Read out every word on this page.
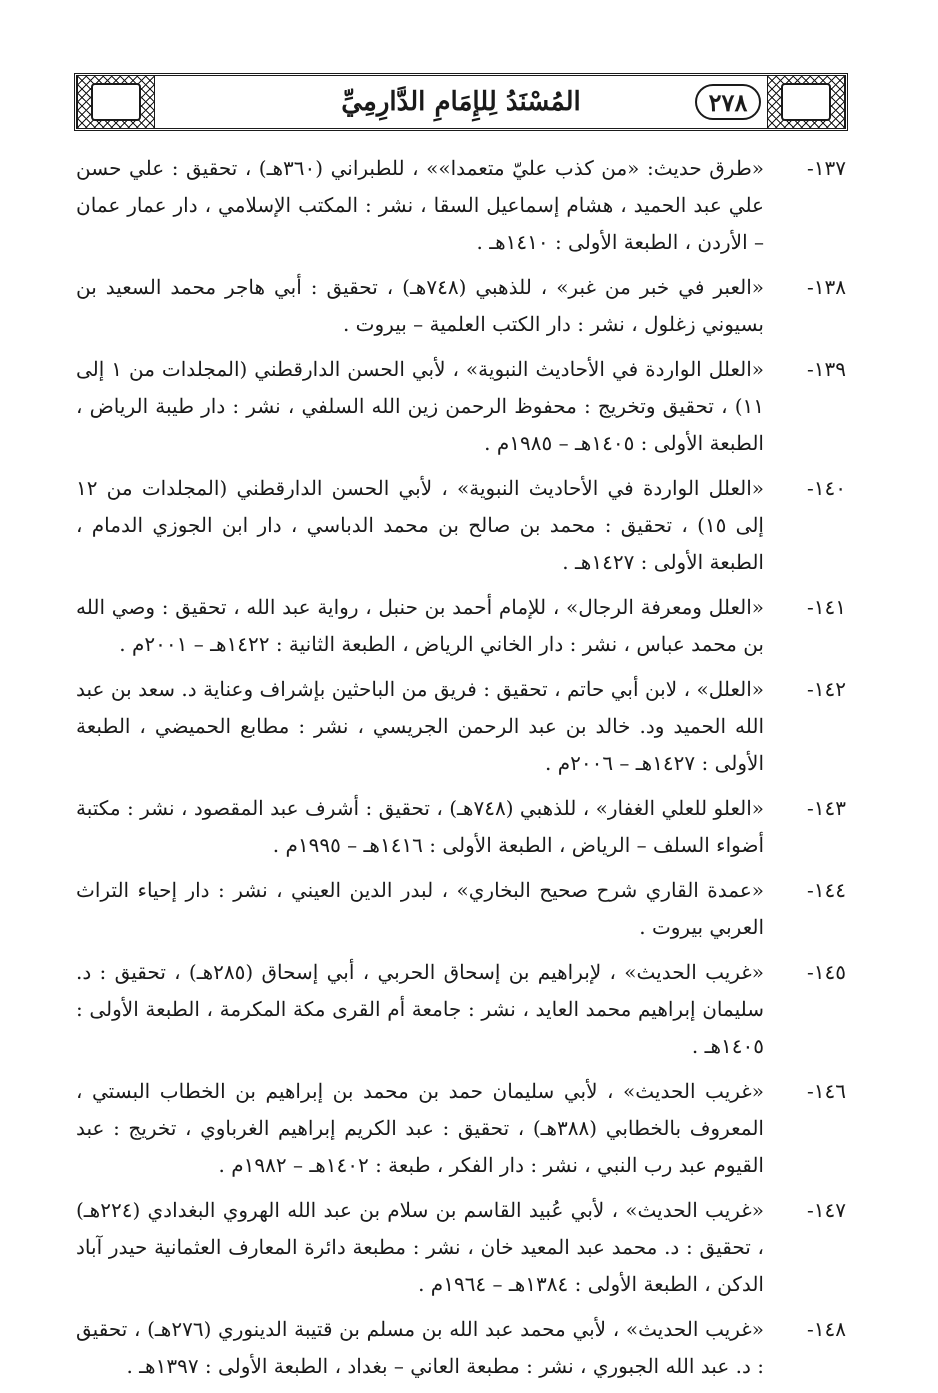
المُسْنَدُ لِلإِمَامِ الدَّارِمِيِّ	٢٧٨
١٣٧-
«طرق حديث: «من كذب عليّ متعمدا»» ، للطبراني (٣٦٠هـ) ، تحقيق : علي حسن علي عبد الحميد ، هشام إسماعيل السقا ، نشر : المكتب الإسلامي ، دار عمار عمان – الأردن ، الطبعة الأولى : ١٤١٠هـ .
١٣٨-
«العبر في خبر من غبر» ، للذهبي (٧٤٨هـ) ، تحقيق : أبي هاجر محمد السعيد بن بسيوني زغلول ، نشر : دار الكتب العلمية – بيروت .
١٣٩-
«العلل الواردة في الأحاديث النبوية» ، لأبي الحسن الدارقطني (المجلدات من ١ إلى ١١) ، تحقيق وتخريج : محفوظ الرحمن زين الله السلفي ، نشر : دار طيبة الرياض ، الطبعة الأولى : ١٤٠٥هـ – ١٩٨٥م .
١٤٠-
«العلل الواردة في الأحاديث النبوية» ، لأبي الحسن الدارقطني (المجلدات من ١٢ إلى ١٥) ، تحقيق : محمد بن صالح بن محمد الدباسي ، دار ابن الجوزي الدمام ، الطبعة الأولى : ١٤٢٧هـ .
١٤١-
«العلل ومعرفة الرجال» ، للإمام أحمد بن حنبل ، رواية عبد الله ، تحقيق : وصي الله بن محمد عباس ، نشر : دار الخاني الرياض ، الطبعة الثانية : ١٤٢٢هـ – ٢٠٠١م .
١٤٢-
«العلل» ، لابن أبي حاتم ، تحقيق : فريق من الباحثين بإشراف وعناية د. سعد بن عبد الله الحميد ود. خالد بن عبد الرحمن الجريسي ، نشر : مطابع الحميضي ، الطبعة الأولى : ١٤٢٧هـ – ٢٠٠٦م .
١٤٣-
«العلو للعلي الغفار» ، للذهبي (٧٤٨هـ) ، تحقيق : أشرف عبد المقصود ، نشر : مكتبة أضواء السلف – الرياض ، الطبعة الأولى : ١٤١٦هـ – ١٩٩٥م .
١٤٤-
«عمدة القاري شرح صحيح البخاري» ، لبدر الدين العيني ، نشر : دار إحياء التراث العربي بيروت .
١٤٥-
«غريب الحديث» ، لإبراهيم بن إسحاق الحربي ، أبي إسحاق (٢٨٥هـ) ، تحقيق : د. سليمان إبراهيم محمد العايد ، نشر : جامعة أم القرى مكة المكرمة ، الطبعة الأولى : ١٤٠٥هـ .
١٤٦-
«غريب الحديث» ، لأبي سليمان حمد بن محمد بن إبراهيم بن الخطاب البستي ، المعروف بالخطابي (٣٨٨هـ) ، تحقيق : عبد الكريم إبراهيم الغرباوي ، تخريج : عبد القيوم عبد رب النبي ، نشر : دار الفكر ، طبعة : ١٤٠٢هـ – ١٩٨٢م .
١٤٧-
«غريب الحديث» ، لأبي عُبيد القاسم بن سلام بن عبد الله الهروي البغدادي (٢٢٤هـ) ، تحقيق : د. محمد عبد المعيد خان ، نشر : مطبعة دائرة المعارف العثمانية حيدر آباد الدكن ، الطبعة الأولى : ١٣٨٤هـ – ١٩٦٤م .
١٤٨-
«غريب الحديث» ، لأبي محمد عبد الله بن مسلم بن قتيبة الدينوري (٢٧٦هـ) ، تحقيق : د. عبد الله الجبوري ، نشر : مطبعة العاني – بغداد ، الطبعة الأولى : ١٣٩٧هـ .
